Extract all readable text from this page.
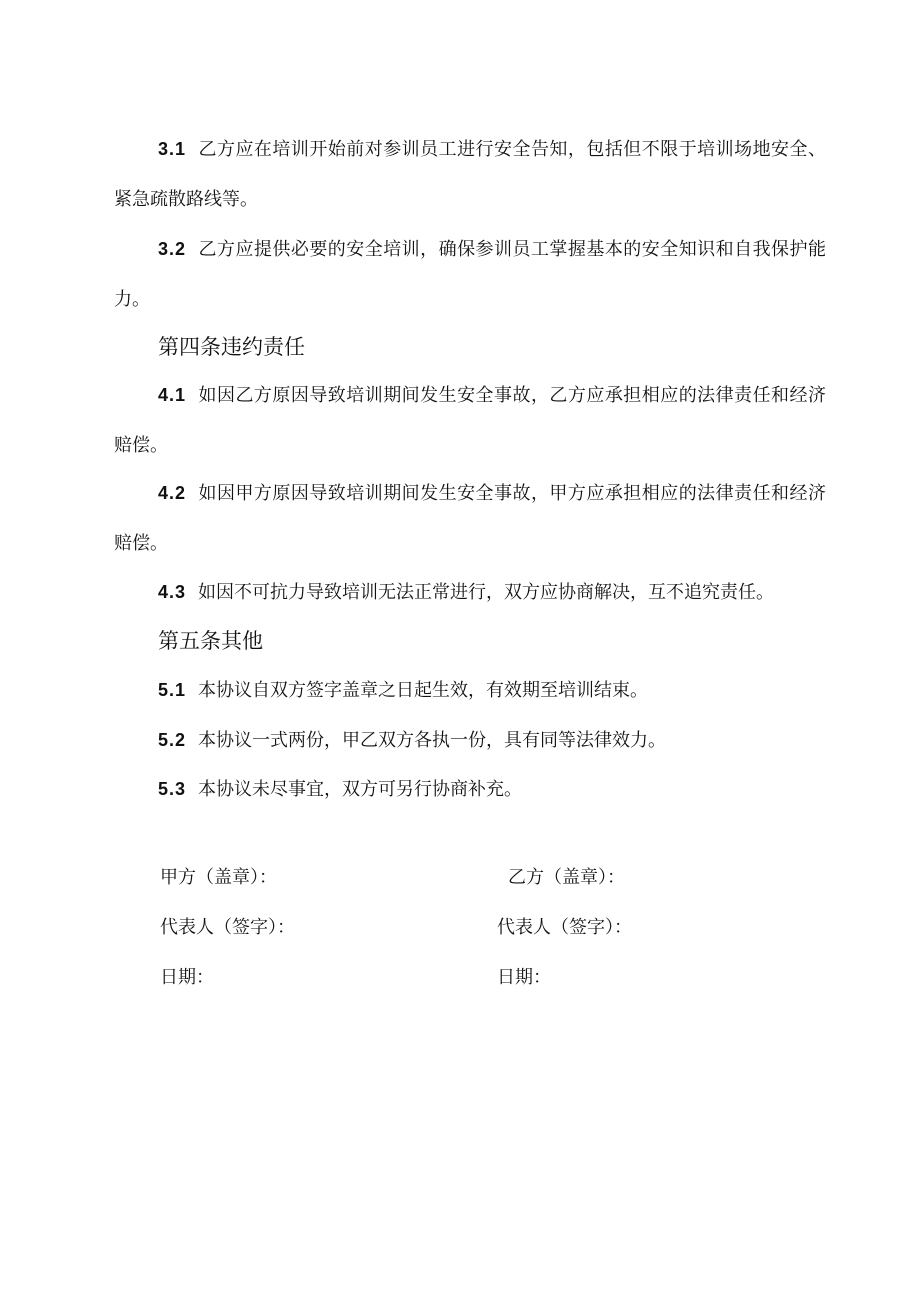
3.1 乙方应在培训开始前对参训员工进行安全告知，包括但不限于培训场地安全、紧急疏散路线等。

3.2 乙方应提供必要的安全培训，确保参训员工掌握基本的安全知识和自我保护能力。

第四条违约责任

4.1 如因乙方原因导致培训期间发生安全事故，乙方应承担相应的法律责任和经济赔偿。

4.2 如因甲方原因导致培训期间发生安全事故，甲方应承担相应的法律责任和经济赔偿。

4.3 如因不可抗力导致培训无法正常进行，双方应协商解决，互不追究责任。

第五条其他

5.1 本协议自双方签字盖章之日起生效，有效期至培训结束。

5.2 本协议一式两份，甲乙双方各执一份，具有同等法律效力。

5.3 本协议未尽事宜，双方可另行协商补充。

甲方（盖章）：

代表人（签字）：

日期：

乙方（盖章）：

代表人（签字）：

日期：
